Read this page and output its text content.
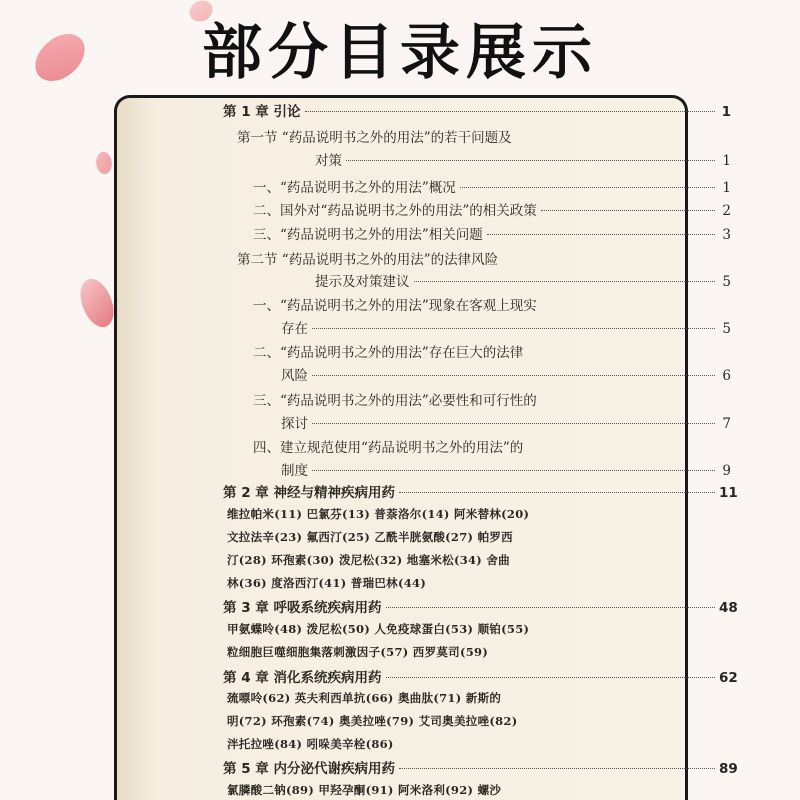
部分目录展示
第 1 章 引论	1
第一节 “药品说明书之外的用法”的若干问题及
对策	1
一、“药品说明书之外的用法”概况	1
二、国外对“药品说明书之外的用法”的相关政策	2
三、“药品说明书之外的用法”相关问题	3
第二节 “药品说明书之外的用法”的法律风险
提示及对策建议	5
一、“药品说明书之外的用法”现象在客观上现实
存在	5
二、“药品说明书之外的用法”存在巨大的法律
风险	6
三、“药品说明书之外的用法”必要性和可行性的
探讨	7
四、建立规范使用“药品说明书之外的用法”的
制度	9
第 2 章 神经与精神疾病用药	11
维拉帕米(11) 巴氯芬(13) 普萘洛尔(14) 阿米替林(20)
文拉法辛(23) 氟西汀(25) 乙酰半胱氨酸(27) 帕罗西
汀(28) 环孢素(30) 泼尼松(32) 地塞米松(34) 舍曲
林(36) 度洛西汀(41) 普瑞巴林(44)
第 3 章 呼吸系统疾病用药	48
甲氨蝶呤(48) 泼尼松(50) 人免疫球蛋白(53) 顺铂(55)
粒细胞巨噬细胞集落刺激因子(57) 西罗莫司(59)
第 4 章 消化系统疾病用药	62
巯嘌呤(62) 英夫利西单抗(66) 奥曲肽(71) 新斯的
明(72) 环孢素(74) 奥美拉唑(79) 艾司奥美拉唑(82)
泮托拉唑(84) 吲哚美辛栓(86)
第 5 章 内分泌代谢疾病用药	89
氯膦酸二钠(89) 甲羟孕酮(91) 阿米洛利(92) 螺沙
